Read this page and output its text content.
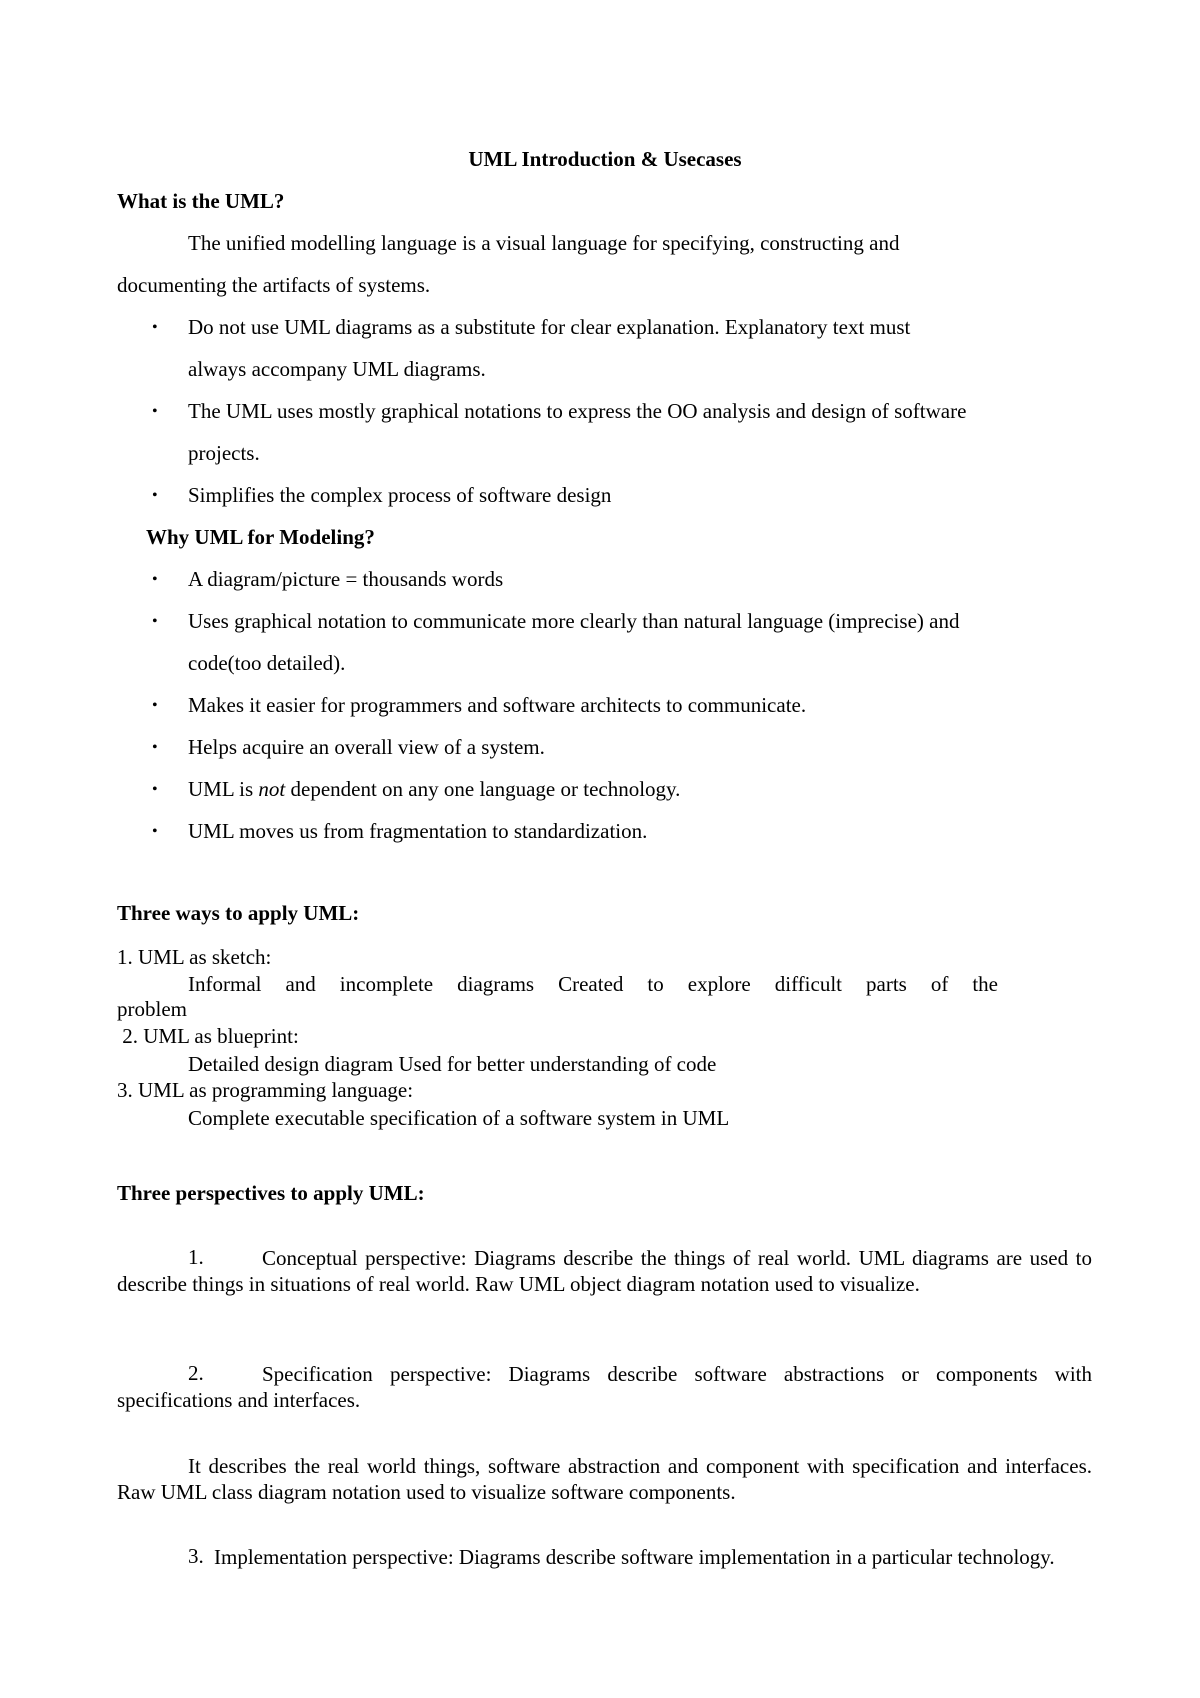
UML Introduction & Usecases
What is the UML?
The unified modelling language is a visual language for specifying, constructing and
documenting the artifacts of systems.
• Do not use UML diagrams as a substitute for clear explanation. Explanatory text must
always accompany UML diagrams.
• The UML uses mostly graphical notations to express the OO analysis and design of software
projects.
• Simplifies the complex process of software design
Why UML for Modeling?
• A diagram/picture = thousands words
• Uses graphical notation to communicate more clearly than natural language (imprecise) and
code(too detailed).
• Makes it easier for programmers and software architects to communicate.
• Helps acquire an overall view of a system.
• UML is not dependent on any one language or technology.
• UML moves us from fragmentation to standardization.
Three ways to apply UML:
1. UML as sketch:
Informal and incomplete diagrams Created to explore difficult parts of the
problem
2. UML as blueprint:
Detailed design diagram Used for better understanding of code
3. UML as programming language:
Complete executable specification of a software system in UML
Three perspectives to apply UML:
1.	Conceptual perspective: Diagrams describe the things of real world. UML diagrams are used to describe things in situations of real world. Raw UML object diagram notation used to visualize.
2.	Specification perspective: Diagrams describe software abstractions or components with specifications and interfaces.
It describes the real world things, software abstraction and component with specification and interfaces. Raw UML class diagram notation used to visualize software components.
3. Implementation perspective: Diagrams describe software implementation in a particular technology.
